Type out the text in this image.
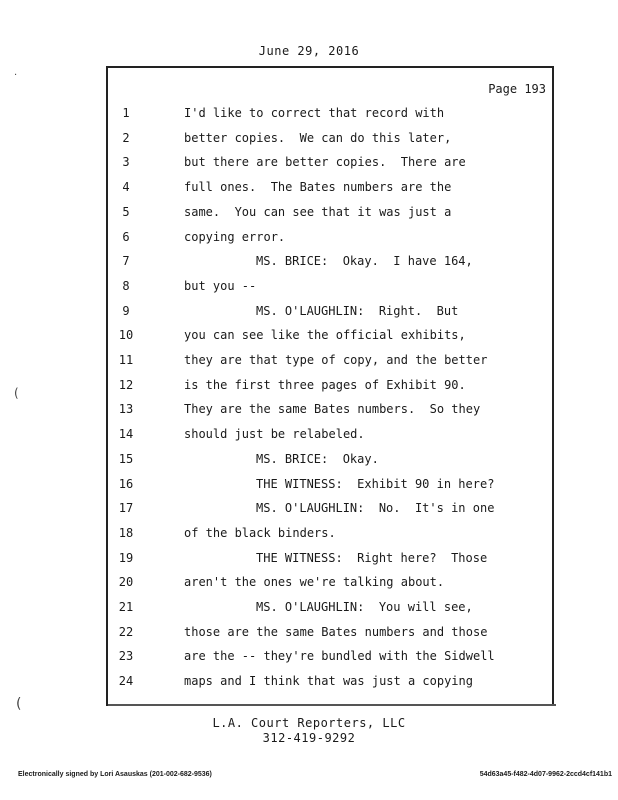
June 29, 2016
Page 193
1	I'd like to correct that record with
2	better copies.  We can do this later,
3	but there are better copies.  There are
4	full ones.  The Bates numbers are the
5	same.  You can see that it was just a
6	copying error.
7	MS. BRICE:  Okay.  I have 164,
8	but you --
9	MS. O'LAUGHLIN:  Right.  But
10	you can see like the official exhibits,
11	they are that type of copy, and the better
12	is the first three pages of Exhibit 90.
13	They are the same Bates numbers.  So they
14	should just be relabeled.
15	MS. BRICE:  Okay.
16	THE WITNESS:  Exhibit 90 in here?
17	MS. O'LAUGHLIN:  No.  It's in one
18	of the black binders.
19	THE WITNESS:  Right here?  Those
20	aren't the ones we're talking about.
21	MS. O'LAUGHLIN:  You will see,
22	those are the same Bates numbers and those
23	are the -- they're bundled with the Sidwell
24	maps and I think that was just a copying
L.A. Court Reporters, LLC
312-419-9292
Electronically signed by Lori Asauskas (201-002-682-9536)	54d63a45-f482-4d07-9962-2ccd4cf141b1
·
(
(
